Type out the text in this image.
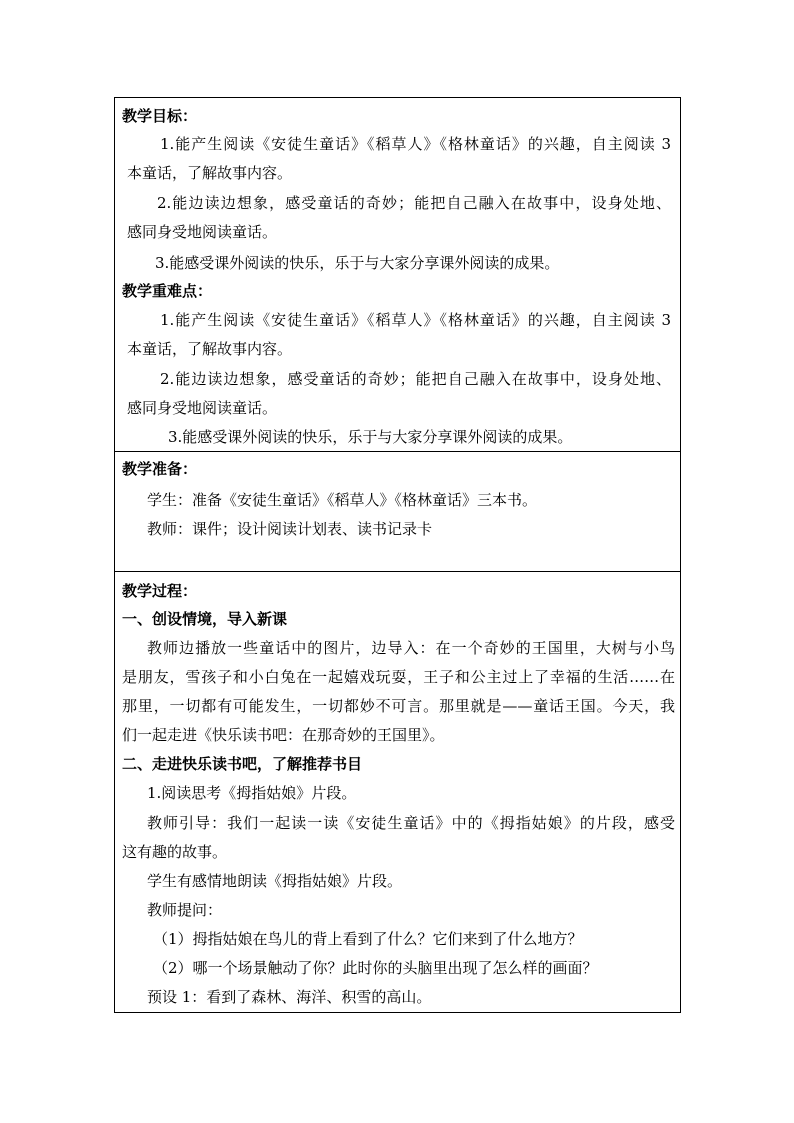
教学目标：
1.能产生阅读《安徒生童话》《稻草人》《格林童话》的兴趣，自主阅读 3
本童话，了解故事内容。
2.能边读边想象，感受童话的奇妙；能把自己融入在故事中，设身处地、
感同身受地阅读童话。
3.能感受课外阅读的快乐，乐于与大家分享课外阅读的成果。
教学重难点：
1.能产生阅读《安徒生童话》《稻草人》《格林童话》的兴趣，自主阅读 3
本童话，了解故事内容。
2.能边读边想象，感受童话的奇妙；能把自己融入在故事中，设身处地、
感同身受地阅读童话。
3.能感受课外阅读的快乐，乐于与大家分享课外阅读的成果。

教学准备：
学生：准备《安徒生童话》《稻草人》《格林童话》三本书。
教师：课件；设计阅读计划表、读书记录卡

教学过程：
一、创设情境，导入新课
教师边播放一些童话中的图片，边导入：在一个奇妙的王国里，大树与小鸟
是朋友，雪孩子和小白兔在一起嬉戏玩耍，王子和公主过上了幸福的生活……在
那里，一切都有可能发生，一切都妙不可言。那里就是——童话王国。今天，我
们一起走进《快乐读书吧：在那奇妙的王国里》。
二、走进快乐读书吧，了解推荐书目
1.阅读思考《拇指姑娘》片段。
教师引导：我们一起读一读《安徒生童话》中的《拇指姑娘》的片段，感受
这有趣的故事。
学生有感情地朗读《拇指姑娘》片段。
教师提问：
（1）拇指姑娘在鸟儿的背上看到了什么？它们来到了什么地方？
（2）哪一个场景触动了你？此时你的头脑里出现了怎么样的画面？
预设 1：看到了森林、海洋、积雪的高山。
